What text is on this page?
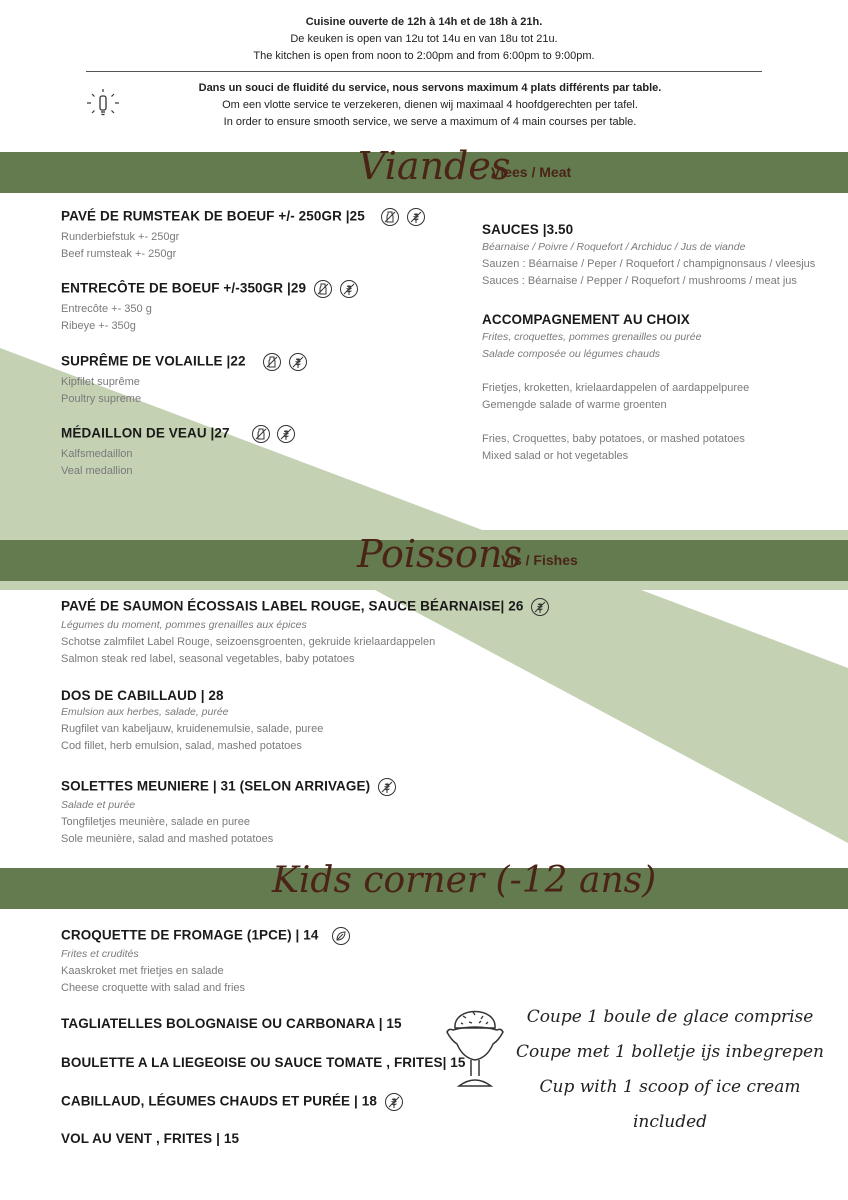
Cuisine ouverte de 12h à 14h et de 18h à 21h.
De keuken is open van 12u tot 14u en van 18u tot 21u.
The kitchen is open from noon to 2:00pm and from 6:00pm to 9:00pm.
Dans un souci de fluidité du service, nous servons maximum 4 plats différents par table.
Om een vlotte service te verzekeren, dienen wij maximaal 4 hoofdgerechten per tafel.
In order to ensure smooth service, we serve a maximum of 4 main courses per table.
Viandes
Vlees / Meat
PAVÉ DE RUMSTEAK DE BOEUF +/- 250GR |25

Runderbiefstuk +- 250gr
Beef rumsteak +- 250gr
ENTRECÔTE DE BOEUF +/-350GR |29

Entrecôte +- 350 g
Ribeye +- 350g
SUPRÊME DE VOLAILLE |22

Kipfilet suprême
Poultry supreme
MÉDAILLON DE VEAU |27

Kalfsmedaillon
Veal medallion
SAUCES |3.50
Béarnaise / Poivre / Roquefort / Archiduc / Jus de viande
Sauzen : Béarnaise / Peper / Roquefort / champignonsaus / vleesjus
Sauces : Béarnaise / Pepper / Roquefort / mushrooms / meat jus
ACCOMPAGNEMENT AU CHOIX
Frites, croquettes, pommes grenailles ou purée
Salade composée ou légumes chauds
Frietjes, kroketten, krielaardappelen of aardappelpuree
Gemengde salade of warme groenten
Fries, Croquettes, baby potatoes, or mashed potatoes
Mixed salad or hot vegetables
Poissons
Vis / Fishes
PAVÉ DE SAUMON ÉCOSSAIS LABEL ROUGE, SAUCE BÉARNAISE| 26
Légumes du moment, pommes grenailles aux épices
Schotse zalmfilet Label Rouge, seizoensgroenten, gekruide krielaardappelen
Salmon steak red label, seasonal vegetables, baby potatoes
DOS DE CABILLAUD | 28
Emulsion aux herbes, salade, purée
Rugfilet van kabeljauw, kruidenemulsie, salade, puree
Cod fillet, herb emulsion, salad, mashed potatoes
SOLETTES MEUNIERE | 31 (SELON ARRIVAGE)
Salade et purée
Tongfiletjes meunière, salade en puree
Sole meunière, salad and mashed potatoes
Kids corner (-12 ans)
CROQUETTE DE FROMAGE (1PCE) | 14
Frites et crudités
Kaaskroket met frietjes en salade
Cheese croquette with salad and fries
TAGLIATELLES BOLOGNAISE OU CARBONARA | 15
BOULETTE A LA LIEGEOISE OU SAUCE TOMATE , FRITES| 15
CABILLAUD, LÉGUMES CHAUDS ET PURÉE | 18
VOL AU VENT , FRITES | 15
Coupe 1 boule de glace comprise
Coupe met 1 bolletje ijs inbegrepen
Cup with 1 scoop of ice cream included
